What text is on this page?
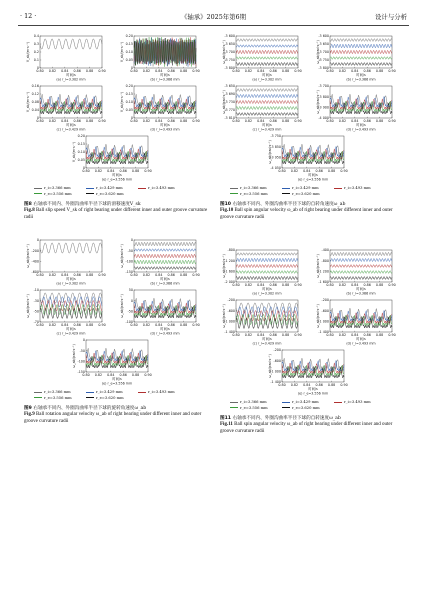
· 12 ·	《轴承》2025年第6期	设计与分析
0
0.1
0.2
0.3
0.4
0.80 0.82 0.84 0.86 0.88 0.90
时间/s
V_sk/(m·s⁻¹)
(a) r_i=3.302 mm
0
0.05
0.10
0.15
0.20
0.80 0.82 0.84 0.86 0.88 0.90
时间/s
V_sk/(m·s⁻¹)
(b) r_i=3.366 mm
0
0.04
0.08
0.12
0.16
0.80 0.82 0.84 0.86 0.88 0.90
时间/s
V_sk/(m·s⁻¹)
(c) r_i=3.429 mm
0
0.05
0.10
0.15
0.20
0.80 0.82 0.84 0.86 0.88 0.90
时间/s
V_sk/(m·s⁻¹)
(d) r_i=3.493 mm
0
0.05
0.10
0.15
0.20
0.80 0.82 0.84 0.86 0.88 0.90
时间/s
V_sk/(m·s⁻¹)
(e) r_e=3.556 mm
r_i=3.366 mm	r_i=3.429 mm	r_i=3.493 mm
r_e=3.556 mm	r_e=3.620 mm

图8 右轴承不同内、外圈沟曲率半径下球的滑移速度V_sk

Fig.8 Ball slip speed V_sk of right bearing under different inner and outer groove curvature radii

-600
-400
-200
0
0.80 0.82 0.84 0.86 0.88 0.90
时间/s
ω_ab/(rad·s⁻¹)
(a) r_i=3.302 mm
-150
-100
-50
0
0.80 0.82 0.84 0.86 0.88 0.90
时间/s
ω_ab/(rad·s⁻¹)
(b) r_i=3.366 mm
-70
-50
-30
-10
0.80 0.82 0.84 0.86 0.88 0.90
时间/s
ω_ab/(rad·s⁻¹)
(c) r_i=3.429 mm
-100
-50
0
50
0.80 0.82 0.84 0.86 0.88 0.90
时间/s
ω_ab/(rad·s⁻¹)
(d) r_i=3.493 mm
-150
-100
-50
0
0.80 0.82 0.84 0.86 0.88 0.90
时间/s
ω_ab/(rad·s⁻¹)
(e) r_e=3.556 mm
r_i=3.366 mm	r_i=3.429 mm	r_i=3.493 mm
r_e=3.556 mm	r_e=3.620 mm

图9 右轴承不同内、外圈沟曲率半径下球的旋转角速度ω_ab

Fig.9 Ball rotation angular velocity ω_ab of right bearing under different inner and outer groove curvature radii

-3 800
-3 750
-3 700
-3 650
-3 600
0.80 0.82 0.84 0.86 0.88 0.90
时间/s
ω_ab/(rad·s⁻¹)
(a) r_i=3.302 mm
-3 800
-3 750
-3 700
-3 650
-3 600
0.80 0.82 0.84 0.86 0.88 0.90
时间/s
ω_ab/(rad·s⁻¹)
(b) r_i=3.366 mm
-3 810
-3 770
-3 730
-3 690
-3 650
0.80 0.82 0.84 0.86 0.88 0.90
时间/s
ω_ab/(rad·s⁻¹)
(c) r_i=3.429 mm
-4 000
-3 900
-3 800
-3 700
0.80 0.82 0.84 0.86 0.88 0.90
时间/s
ω_ab/(rad·s⁻¹)
(d) r_i=3.493 mm
-4 050
-3 950
-3 850
-3 750
0.80 0.82 0.84 0.86 0.88 0.90
时间/s
ω_ab/(rad·s⁻¹)
(e) r_e=3.556 mm
r_i=3.366 mm	r_i=3.429 mm	r_i=3.493 mm
r_e=3.556 mm	r_e=3.620 mm

图10 右轴承不同内、外圈沟曲率半径下球的自转角速度ω_ab

Fig.10 Ball spin angular velocity ω_ab of right bearing under different inner and outer groove curvature radii

-2 000
-1 600
-1 200
-800
0.80 0.82 0.84 0.86 0.88 0.90
时间/s
ω_ab/(rad·s⁻¹)
(a) r_i=3.302 mm
-1 600
-1 200
-800
-400
0.80 0.82 0.84 0.86 0.88 0.90
时间/s
ω_ab/(rad·s⁻¹)
(b) r_i=3.366 mm
-1 400
-1 000
-600
-200
0.80 0.82 0.84 0.86 0.88 0.90
时间/s
ω_ab/(rad·s⁻¹)
(c) r_i=3.429 mm
-1 400
-1 000
-600
-200
0.80 0.82 0.84 0.86 0.88 0.90
时间/s
ω_ab/(rad·s⁻¹)
(d) r_i=3.493 mm
-1 400
-1 000
-600
-200
0.80 0.82 0.84 0.86 0.88 0.90
时间/s
ω_ab/(rad·s⁻¹)
(e) r_e=3.556 mm
r_i=3.366 mm	r_i=3.429 mm	r_i=3.493 mm
r_e=3.556 mm	r_e=3.620 mm

图11 右轴承不同内、外圈沟曲率半径下球的自转速度ω_ab

Fig.11 Ball spin angular velocity ω_ab of right bearing under different inner and outer groove curvature radii
